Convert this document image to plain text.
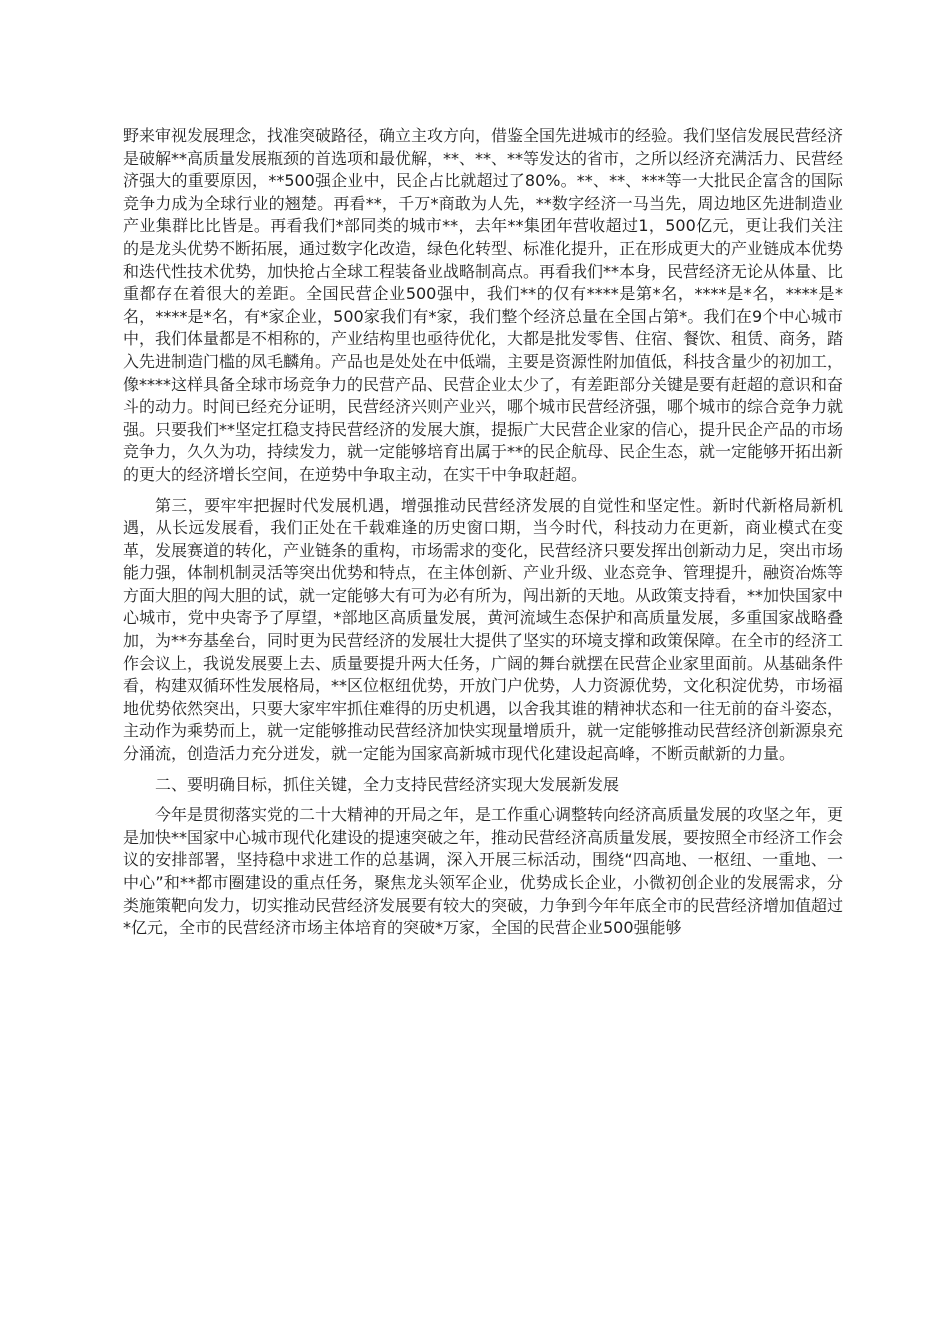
野来审视发展理念，找准突破路径，确立主攻方向，借鉴全国先进城市的经验。我们坚信发展民营经济是破解**高质量发展瓶颈的首选项和最优解，**、**、**等发达的省市，之所以经济充满活力、民营经济强大的重要原因，**500强企业中，民企占比就超过了80%。**、**、***等一大批民企富含的国际竞争力成为全球行业的翘楚。再看**，千万*商敢为人先，**数字经济一马当先，周边地区先进制造业产业集群比比皆是。再看我们*部同类的城市**，去年**集团年营收超过1，500亿元，更让我们关注的是龙头优势不断拓展，通过数字化改造，绿色化转型、标准化提升，正在形成更大的产业链成本优势和迭代性技术优势，加快抢占全球工程装备业战略制高点。再看我们**本身，民营经济无论从体量、比重都存在着很大的差距。全国民营企业500强中，我们**的仅有****是第*名，****是*名，****是*名，****是*名，有*家企业，500家我们有*家，我们整个经济总量在全国占第*。我们在9个中心城市中，我们体量都是不相称的，产业结构里也亟待优化，大都是批发零售、住宿、餐饮、租赁、商务，踏入先进制造门槛的凤毛麟角。产品也是处处在中低端，主要是资源性附加值低，科技含量少的初加工，像****这样具备全球市场竞争力的民营产品、民营企业太少了，有差距部分关键是要有赶超的意识和奋斗的动力。时间已经充分证明，民营经济兴则产业兴，哪个城市民营经济强，哪个城市的综合竞争力就强。只要我们**坚定扛稳支持民营经济的发展大旗，提振广大民营企业家的信心，提升民企产品的市场竞争力，久久为功，持续发力，就一定能够培育出属于**的民企航母、民企生态，就一定能够开拓出新的更大的经济增长空间，在逆势中争取主动，在实干中争取赶超。

第三，要牢牢把握时代发展机遇，增强推动民营经济发展的自觉性和坚定性。新时代新格局新机遇，从长远发展看，我们正处在千载难逢的历史窗口期，当今时代，科技动力在更新，商业模式在变革，发展赛道的转化，产业链条的重构，市场需求的变化，民营经济只要发挥出创新动力足，突出市场能力强，体制机制灵活等突出优势和特点，在主体创新、产业升级、业态竞争、管理提升，融资冶炼等方面大胆的闯大胆的试，就一定能够大有可为必有所为，闯出新的天地。从政策支持看，**加快国家中心城市，党中央寄予了厚望，*部地区高质量发展，黄河流域生态保护和高质量发展，多重国家战略叠加，为**夯基垒台，同时更为民营经济的发展壮大提供了坚实的环境支撑和政策保障。在全市的经济工作会议上，我说发展要上去、质量要提升两大任务，广阔的舞台就摆在民营企业家里面前。从基础条件看，构建双循环性发展格局，**区位枢纽优势，开放门户优势，人力资源优势，文化积淀优势，市场福地优势依然突出，只要大家牢牢抓住难得的历史机遇，以舍我其谁的精神状态和一往无前的奋斗姿态，主动作为乘势而上，就一定能够推动民营经济加快实现量增质升，就一定能够推动民营经济创新源泉充分涌流，创造活力充分迸发，就一定能为国家高新城市现代化建设起高峰，不断贡献新的力量。

二、要明确目标，抓住关键，全力支持民营经济实现大发展新发展

今年是贯彻落实党的二十大精神的开局之年，是工作重心调整转向经济高质量发展的攻坚之年，更是加快**国家中心城市现代化建设的提速突破之年，推动民营经济高质量发展，要按照全市经济工作会议的安排部署，坚持稳中求进工作的总基调，深入开展三标活动，围绕“四高地、一枢纽、一重地、一中心”和**都市圈建设的重点任务，聚焦龙头领军企业，优势成长企业，小微初创企业的发展需求，分类施策靶向发力，切实推动民营经济发展要有较大的突破，力争到今年年底全市的民营经济增加值超过*亿元，全市的民营经济市场主体培育的突破*万家，全国的民营企业500强能够
